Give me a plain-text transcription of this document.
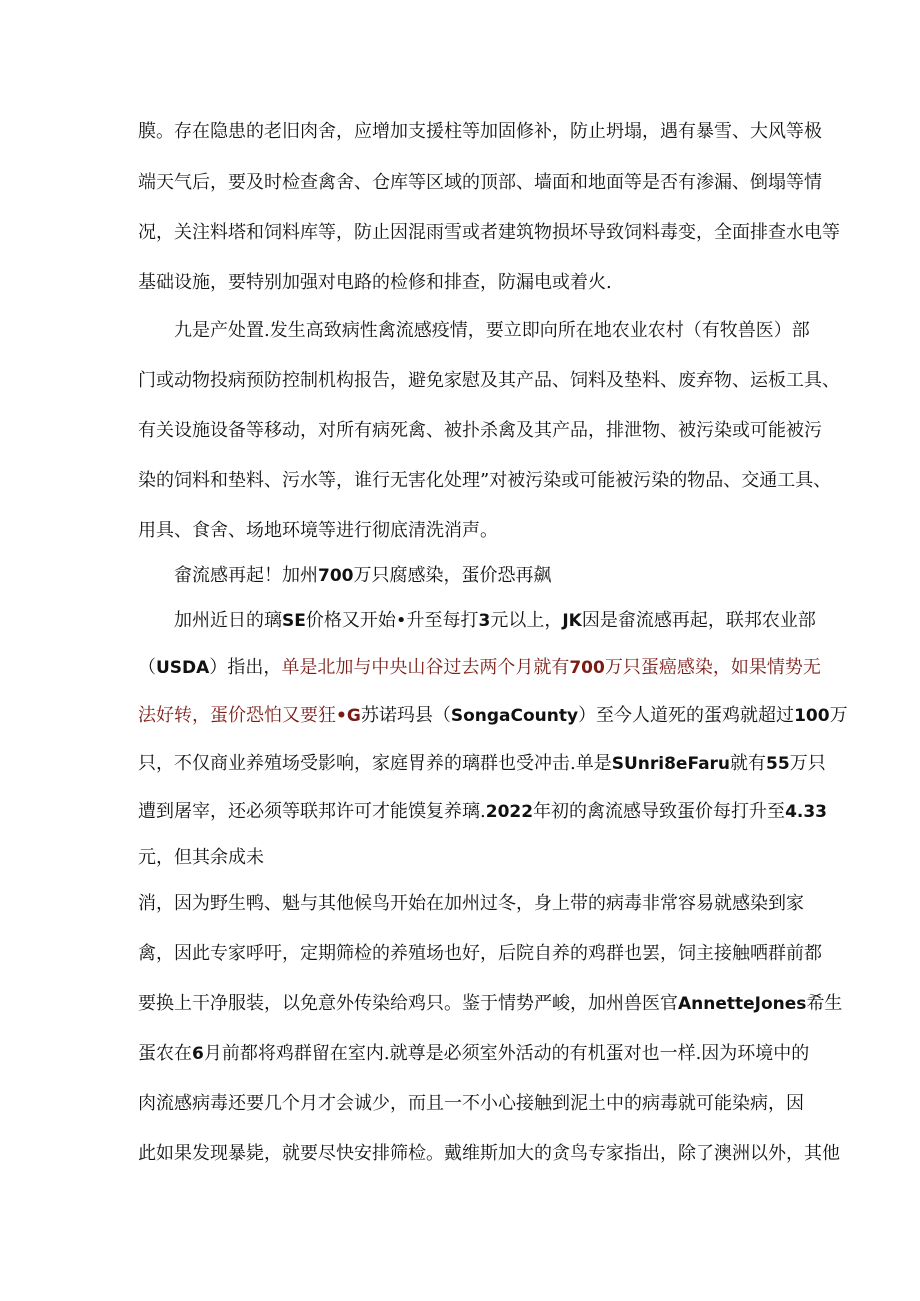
膜。存在隐患的老旧肉舍，应增加支援柱等加固修补，防止坍塌，遇有暴雪、大风等极
端天气后，要及时检查禽舍、仓库等区域的顶部、墙面和地面等是否有渗漏、倒塌等情
况，关注料塔和饲料库等，防止因混雨雪或者建筑物损坏导致饲料毒变，全面排查水电等
基础设施，要特别加强对电路的检修和排查，防漏电或着火.
九是产处置.发生高致病性禽流感疫情，要立即向所在地农业农村（有牧兽医）部
门或动物投病预防控制机构报告，避免家慰及其产品、饲料及垫料、废弃物、运板工具、
有关设施设备等移动，对所有病死禽、被扑杀禽及其产品，排泄物、被污染或可能被污
染的饲料和垫料、污水等，谁行无害化处理”对被污染或可能被污染的物品、交通工具、
用具、食舍、场地环境等进行彻底清洗消声。
畲流感再起！加州700万只腐感染，蛋价恐再飙
加州近日的璃SE价格又开始•升至每打3元以上，JK因是畲流感再起，联邦农业部
（USDA）指出，单是北加与中央山谷过去两个月就有700万只蛋癌感染，如果情势无
法好转，蛋价恐怕又要狂•G苏诺玛县（SongaCounty）至今人道死的蛋鸡就超过100万
只，不仅商业养殖场受影响，家庭胃养的璃群也受冲击.单是SUnri8eFaru就有55万只
遭到屠宰，还必须等联邦许可才能馍复养璃.2022年初的禽流感导致蛋价每打升至4.33
元，但其余成未
消，因为野生鸭、魁与其他候鸟开始在加州过冬，身上带的病毒非常容易就感染到家
禽，因此专家呼吁，定期筛检的养殖场也好，后院自养的鸡群也罢，饲主接触哂群前都
要换上干净服装，以免意外传染给鸡只。鉴于情势严峻，加州兽医官AnnetteJones希生
蛋农在6月前都将鸡群留在室内.就尊是必须室外活动的有机蛋对也一样.因为环境中的
肉流感病毒还要几个月才会诚少，而且一不小心接触到泥土中的病毒就可能染病，因
此如果发现暴毙，就要尽快安排筛检。戴维斯加大的贪鸟专家指出，除了澳洲以外，其他
